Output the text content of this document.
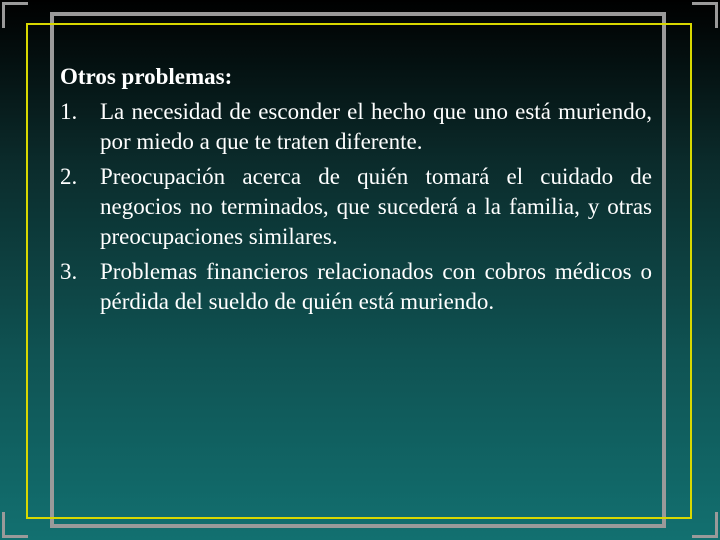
Otros problemas:
1. La necesidad de esconder el hecho que uno está muriendo, por miedo a que te traten diferente.
2. Preocupación acerca de quién tomará el cuidado de negocios no terminados, que sucederá a la familia, y otras preocupaciones similares.
3. Problemas financieros relacionados con cobros médicos o pérdida del sueldo de quién está muriendo.
